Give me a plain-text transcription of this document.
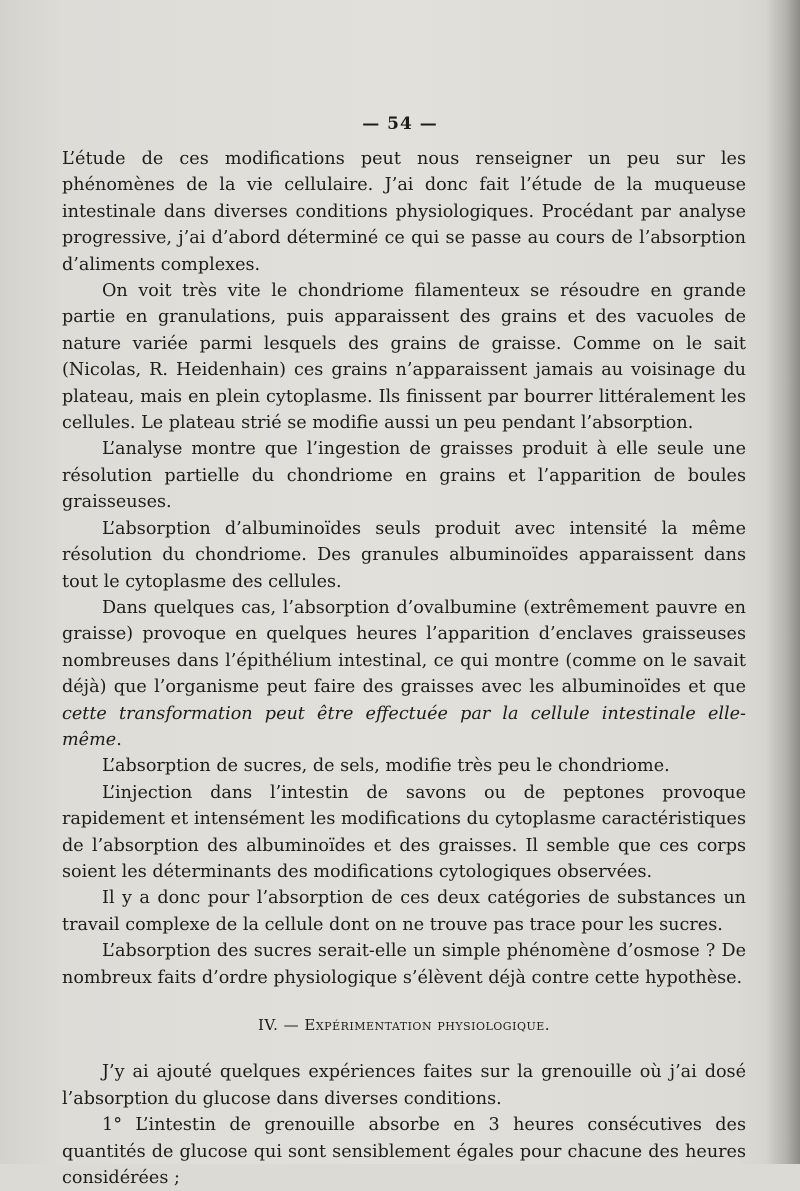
— 54 —

L’étude de ces modifications peut nous renseigner un peu sur les phénomènes de la vie cellulaire. J’ai donc fait l’étude de la muqueuse intestinale dans diverses conditions physiologiques. Procédant par analyse progressive, j’ai d’abord déterminé ce qui se passe au cours de l’absorption d’aliments complexes.

On voit très vite le chondriome filamenteux se résoudre en grande partie en granulations, puis apparaissent des grains et des vacuoles de nature variée parmi lesquels des grains de graisse. Comme on le sait (Nicolas, R. Heidenhain) ces grains n’apparaissent jamais au voisinage du plateau, mais en plein cytoplasme. Ils finissent par bourrer littéralement les cellules. Le plateau strié se modifie aussi un peu pendant l’absorption.

L’analyse montre que l’ingestion de graisses produit à elle seule une résolution partielle du chondriome en grains et l’apparition de boules graisseuses.

L’absorption d’albuminoïdes seuls produit avec intensité la même résolution du chondriome. Des granules albuminoïdes apparaissent dans tout le cytoplasme des cellules.

Dans quelques cas, l’absorption d’ovalbumine (extrêmement pauvre en graisse) provoque en quelques heures l’apparition d’enclaves graisseuses nombreuses dans l’épithélium intestinal, ce qui montre (comme on le savait déjà) que l’organisme peut faire des graisses avec les albuminoïdes et que cette transformation peut être effectuée par la cellule intestinale elle-même.

L’absorption de sucres, de sels, modifie très peu le chondriome.

L’injection dans l’intestin de savons ou de peptones provoque rapidement et intensément les modifications du cytoplasme caractéristiques de l’absorption des albuminoïdes et des graisses. Il semble que ces corps soient les déterminants des modifications cytologiques observées.

Il y a donc pour l’absorption de ces deux catégories de substances un travail complexe de la cellule dont on ne trouve pas trace pour les sucres.

L’absorption des sucres serait-elle un simple phénomène d’osmose ? De nombreux faits d’ordre physiologique s’élèvent déjà contre cette hypothèse.

IV. — Expérimentation physiologique.

J’y ai ajouté quelques expériences faites sur la grenouille où j’ai dosé l’absorption du glucose dans diverses conditions.

1° L’intestin de grenouille absorbe en 3 heures consécutives des quantités de glucose qui sont sensiblement égales pour chacune des heures considérées ;
